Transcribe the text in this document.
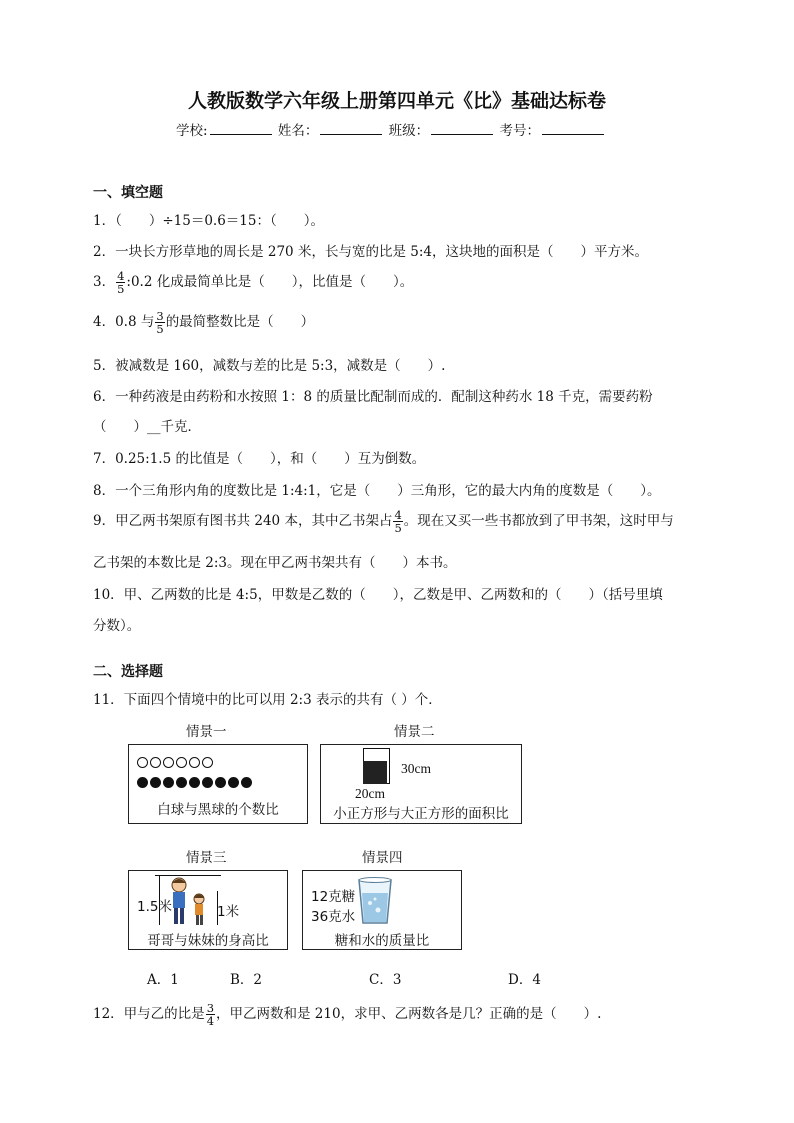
人教版数学六年级上册第四单元《比》基础达标卷
学校:	姓名：	班级：	考号：
一、填空题
1．（　　）÷15＝0.6＝15：（　　）。
2．一块长方形草地的周长是 270 米，长与宽的比是 5:4，这块地的面积是（　　）平方米。
3． $\frac{4}{5}$ :0.2 化成最简单比是（　　），比值是（　　）。
4．0.8 与 $\frac{3}{5}$ 的最简整数比是（　　）
5．被减数是 160，减数与差的比是 5:3，减数是（　　）.
6．一种药液是由药粉和水按照 1：8 的质量比配制而成的．配制这种药水 18 千克，需要药粉
（　　）__千克．
7．0.25:1.5 的比值是（　　），和（　　）互为倒数。
8．一个三角形内角的度数比是 1:4:1，它是（　　）三角形，它的最大内角的度数是（　　）。
9．甲乙两书架原有图书共 240 本，其中乙书架占 $\frac{4}{5}$ 。现在又买一些书都放到了甲书架，这时甲与
乙书架的本数比是 2:3。现在甲乙两书架共有（　　）本书。
10．甲、乙两数的比是 4:5，甲数是乙数的（　　），乙数是甲、乙两数和的（　　）（括号里填
分数）。
二、选择题
11．下面四个情境中的比可以用 2:3 表示的共有（ ）个．
情景一
白球与黑球的个数比
情景二
30cm
20cm
小正方形与大正方形的面积比
情景三
1.5米	1米
哥哥与妹妹的身高比
情景四
12克糖
36克水
糖和水的质量比
A．1	B．2	C．3	D．4
12．甲与乙的比是 $\frac{3}{4}$ ，甲乙两数和是 210，求甲、乙两数各是几？正确的是（　　）.
